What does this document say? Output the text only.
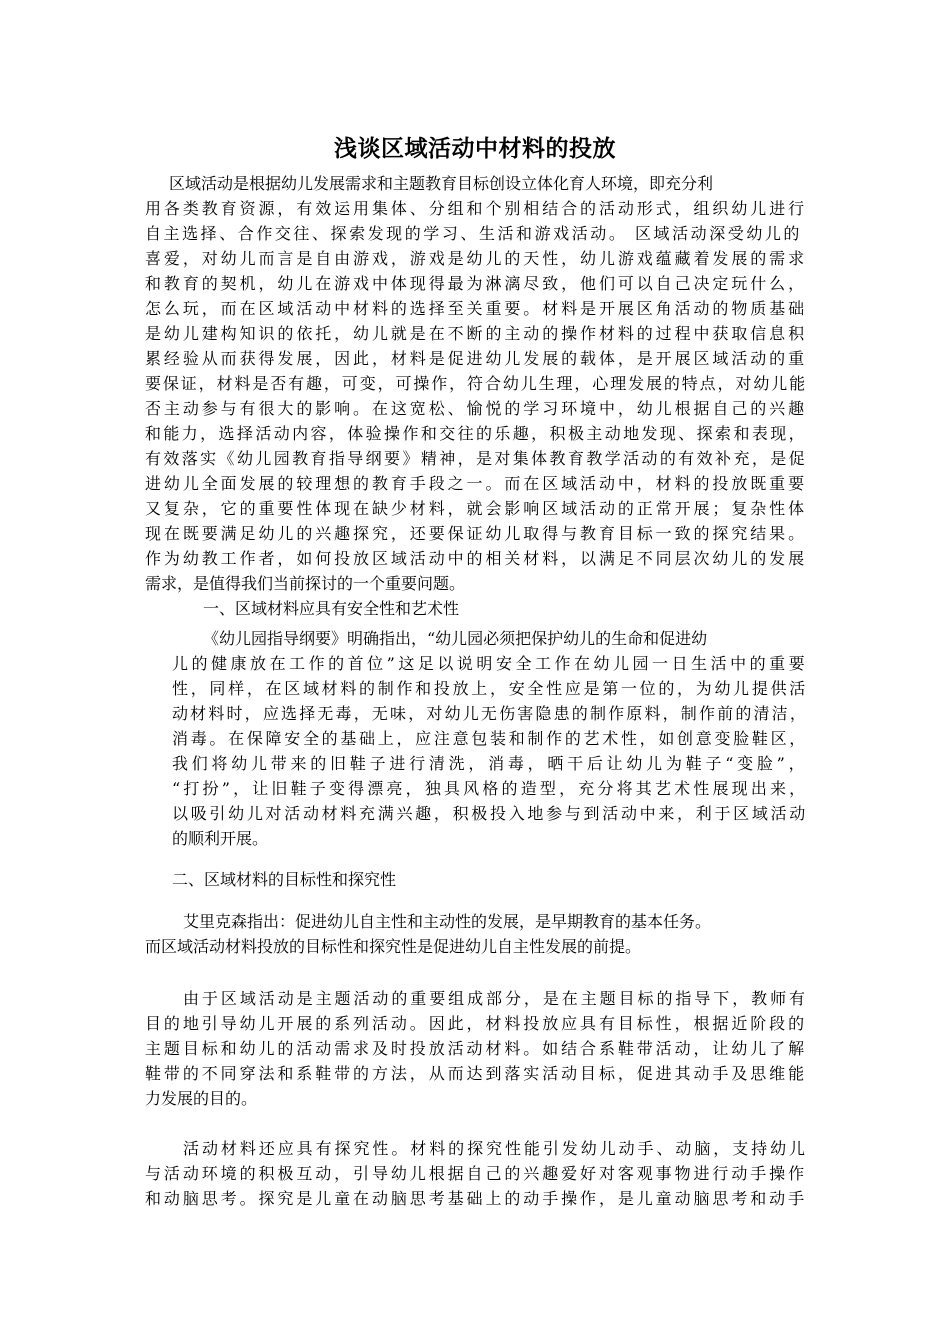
浅谈区域活动中材料的投放
区域活动是根据幼儿发展需求和主题教育目标创设立体化育人环境，即充分利
用各类教育资源，有效运用集体、分组和个别相结合的活动形式，组织幼儿进行
自主选择、合作交往、探索发现的学习、生活和游戏活动。 区域活动深受幼儿的
喜爱，对幼儿而言是自由游戏，游戏是幼儿的天性，幼儿游戏蕴藏着发展的需求
和教育的契机，幼儿在游戏中体现得最为淋漓尽致，他们可以自己决定玩什么，
怎么玩，而在区域活动中材料的选择至关重要。材料是开展区角活动的物质基础
是幼儿建构知识的依托，幼儿就是在不断的主动的操作材料的过程中获取信息积
累经验从而获得发展，因此，材料是促进幼儿发展的载体，是开展区域活动的重
要保证，材料是否有趣，可变，可操作，符合幼儿生理，心理发展的特点，对幼儿能
否主动参与有很大的影响。在这宽松、愉悦的学习环境中，幼儿根据自己的兴趣
和能力，选择活动内容，体验操作和交往的乐趣，积极主动地发现、探索和表现，
有效落实《幼儿园教育指导纲要》精神，是对集体教育教学活动的有效补充，是促
进幼儿全面发展的较理想的教育手段之一。而在区域活动中，材料的投放既重要
又复杂，它的重要性体现在缺少材料，就会影响区域活动的正常开展；复杂性体
现在既要满足幼儿的兴趣探究，还要保证幼儿取得与教育目标一致的探究结果。
作为幼教工作者，如何投放区域活动中的相关材料，以满足不同层次幼儿的发展
需求，是值得我们当前探讨的一个重要问题。
一、区域材料应具有安全性和艺术性
《幼儿园指导纲要》明确指出，“幼儿园必须把保护幼儿的生命和促进幼
儿的健康放在工作的首位”这足以说明安全工作在幼儿园一日生活中的重要
性，同样，在区域材料的制作和投放上，安全性应是第一位的，为幼儿提供活
动材料时，应选择无毒，无味，对幼儿无伤害隐患的制作原料，制作前的清洁，
消毒。在保障安全的基础上，应注意包装和制作的艺术性，如创意变脸鞋区，
我们将幼儿带来的旧鞋子进行清洗，消毒，晒干后让幼儿为鞋子“变脸”，
“打扮”，让旧鞋子变得漂亮，独具风格的造型，充分将其艺术性展现出来，
以吸引幼儿对活动材料充满兴趣，积极投入地参与到活动中来，利于区域活动
的顺利开展。
二、区域材料的目标性和探究性
艾里克森指出：促进幼儿自主性和主动性的发展，是早期教育的基本任务。
而区域活动材料投放的目标性和探究性是促进幼儿自主性发展的前提。
由于区域活动是主题活动的重要组成部分，是在主题目标的指导下，教师有
目的地引导幼儿开展的系列活动。因此，材料投放应具有目标性，根据近阶段的
主题目标和幼儿的活动需求及时投放活动材料。如结合系鞋带活动，让幼儿了解
鞋带的不同穿法和系鞋带的方法，从而达到落实活动目标，促进其动手及思维能
力发展的目的。
活动材料还应具有探究性。材料的探究性能引发幼儿动手、动脑，支持幼儿
与活动环境的积极互动，引导幼儿根据自己的兴趣爱好对客观事物进行动手操作
和动脑思考。探究是儿童在动脑思考基础上的动手操作，是儿童动脑思考和动手
